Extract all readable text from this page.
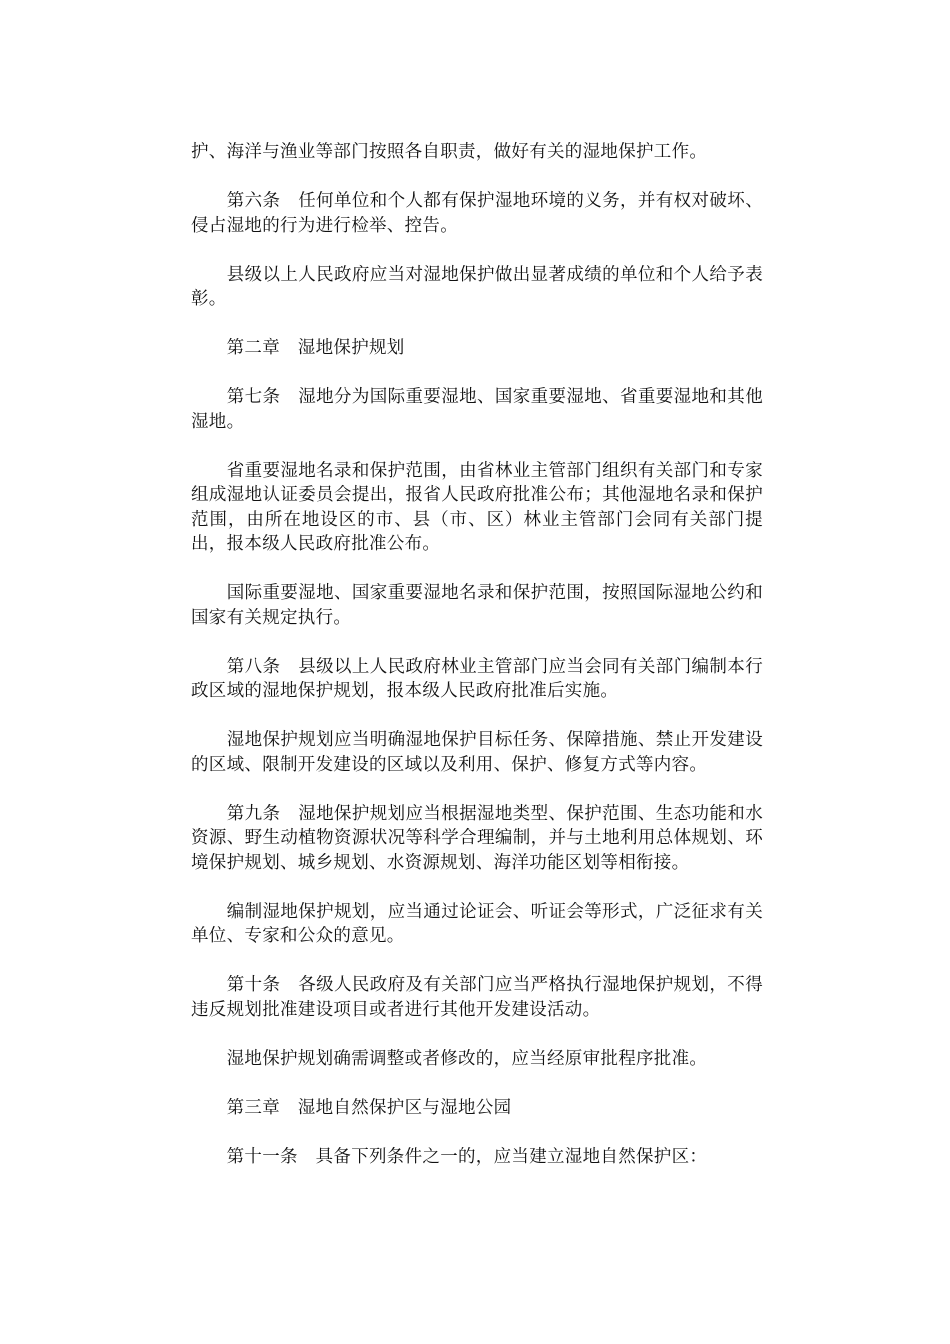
护、海洋与渔业等部门按照各自职责，做好有关的湿地保护工作。

　　第六条　任何单位和个人都有保护湿地环境的义务，并有权对破坏、侵占湿地的行为进行检举、控告。

　　县级以上人民政府应当对湿地保护做出显著成绩的单位和个人给予表彰。

　　第二章　湿地保护规划

　　第七条　湿地分为国际重要湿地、国家重要湿地、省重要湿地和其他湿地。

　　省重要湿地名录和保护范围，由省林业主管部门组织有关部门和专家组成湿地认证委员会提出，报省人民政府批准公布；其他湿地名录和保护范围，由所在地设区的市、县（市、区）林业主管部门会同有关部门提出，报本级人民政府批准公布。

　　国际重要湿地、国家重要湿地名录和保护范围，按照国际湿地公约和国家有关规定执行。

　　第八条　县级以上人民政府林业主管部门应当会同有关部门编制本行政区域的湿地保护规划，报本级人民政府批准后实施。

　　湿地保护规划应当明确湿地保护目标任务、保障措施、禁止开发建设的区域、限制开发建设的区域以及利用、保护、修复方式等内容。

　　第九条　湿地保护规划应当根据湿地类型、保护范围、生态功能和水资源、野生动植物资源状况等科学合理编制，并与土地利用总体规划、环境保护规划、城乡规划、水资源规划、海洋功能区划等相衔接。

　　编制湿地保护规划，应当通过论证会、听证会等形式，广泛征求有关单位、专家和公众的意见。

　　第十条　各级人民政府及有关部门应当严格执行湿地保护规划，不得违反规划批准建设项目或者进行其他开发建设活动。

　　湿地保护规划确需调整或者修改的，应当经原审批程序批准。

　　第三章　湿地自然保护区与湿地公园

　　第十一条　具备下列条件之一的，应当建立湿地自然保护区：
